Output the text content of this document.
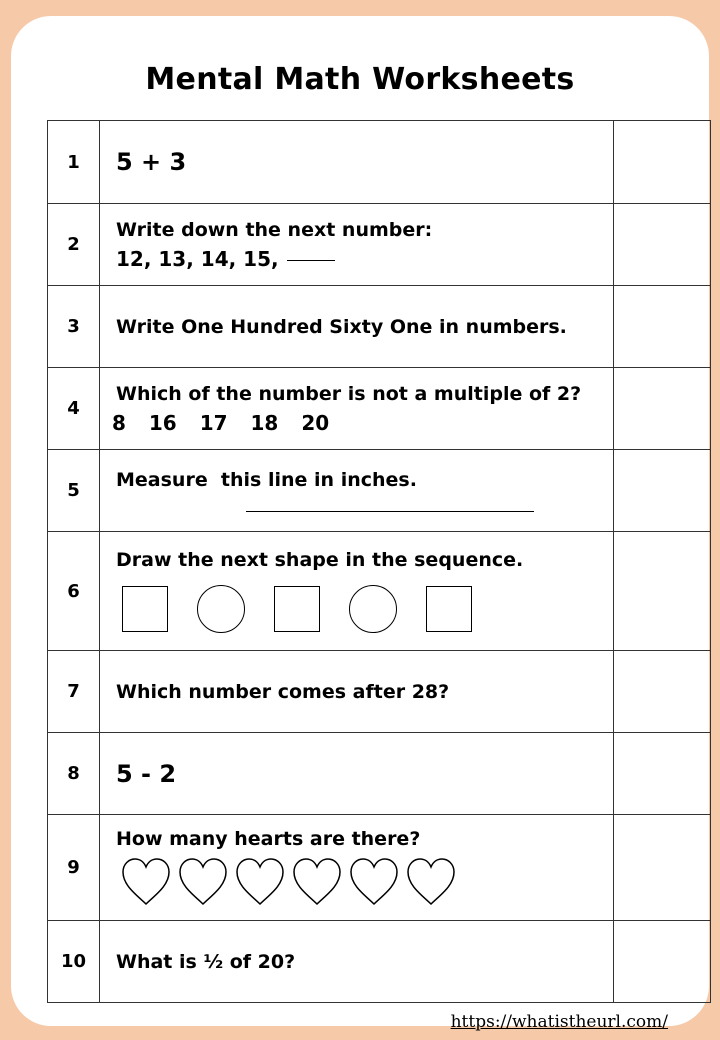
Mental Math Worksheets
1	5 + 3	

2	Write down the next number:
12, 13, 14, 15,	

3	Write One Hundred Sixty One in numbers.	

4	Which of the number is not a multiple of 2?
8 16 17 18 20	

5	Measure  this line in inches.	

6	Draw the next shape in the sequence.	

7	Which number comes after 28?	

8	5 - 2	

9	How many hearts are there?	

10	What is ½ of 20?	

https://whatistheurl.com/
